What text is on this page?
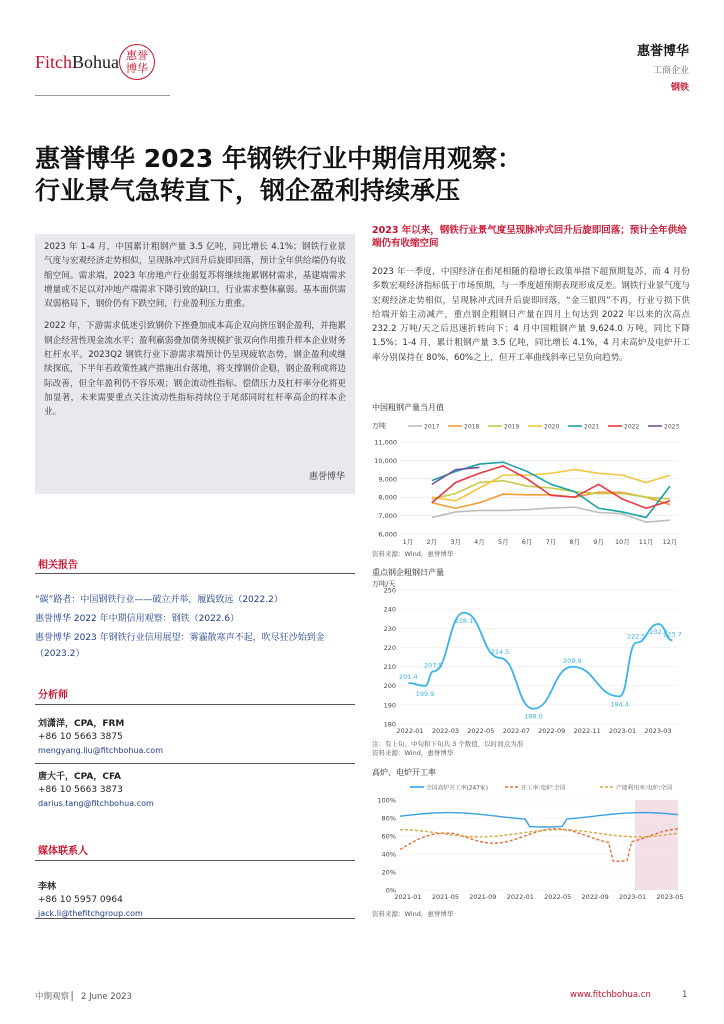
FitchBohua 惠誉
博华
惠誉博华
工商企业
钢铁
惠誉博华 2023 年钢铁行业中期信用观察：
行业景气急转直下，钢企盈利持续承压

2023 年 1-4 月，中国累计粗钢产量 3.5 亿吨，同比增长 4.1%；钢铁行业景气度与宏观经济走势相似，呈现脉冲式回升后旋即回落，预计全年供给端仍有收缩空间。需求端，2023 年房地产行业弱复苏将继续拖累钢材需求，基建端需求增量或不足以对冲地产端需求下降引致的缺口，行业需求整体羸弱。基本面供需双弱格局下，钢价仍有下跌空间，行业盈利压力重重。

2022 年，下游需求低迷引致钢价下挫叠加成本高企双向挤压钢企盈利，并拖累钢企经营性现金流水平；盈利羸弱叠加债务规模扩张双向作用推升样本企业财务杠杆水平。2023Q2 钢铁行业下游需求端预计仍呈现疲软态势，钢企盈利或继续探底，下半年若政策性减产措施出台落地，将支撑钢价企稳，钢企盈利或将边际改善，但全年盈利仍不容乐观；钢企流动性指标、偿债压力及杠杆率分化将更加显著，未来需要重点关注流动性指标持续位于尾部同时杠杆率高企的样本企业。

惠誉博华
相关报告
“碳”路者：中国钢铁行业——破立并举，履践致远（2022.2）
惠誉博华 2022 年中期信用观察：钢铁（2022.6）
惠誉博华 2023 年钢铁行业信用展望：雾霾散寒声不起，吹尽狂沙始到金（2023.2）
分析师
刘潇洋，CPA，FRM
+86 10 5663 3875
mengyang.liu@fitchbohua.com
唐大千，CPA，CFA
+86 10 5663 3873
darius.tang@fitchbohua.com
媒体联系人
李林
+86 10 5957 0964
jack.li@thefitchgroup.com
2023 年以来，钢铁行业景气度呈现脉冲式回升后旋即回落；预计全年供给端仍有收缩空间
2023 年一季度，中国经济在衔尾相随的稳增长政策举措下超预期复苏，而 4 月份多数宏观经济指标低于市场预期，与一季度超预期表现形成反差。钢铁行业景气度与宏观经济走势相似，呈现脉冲式回升后旋即回落，“金三银四”不再，行业亏损下供给端开始主动减产，重点钢企粗钢日产量在四月上旬达到 2022 年以来的次高点 232.2 万吨/天之后迅速折转向下；4 月中国粗钢产量 9,624.0 万吨，同比下降 1.5%；1-4 月，累计粗钢产量 3.5 亿吨，同比增长 4.1%，4 月末高炉及电炉开工率分别保持在 80%、60%之上，但开工率曲线斜率已呈负向趋势。
中国粗钢产量当月值
万吨	2017	2018	2019	2020	2021	2022	2023
6,000
7,000
8,000
9,000
10,000
11,000
1月 2月 3月 4月 5月 6月 7月 8月 9月 10月 11月 12月
资料来源：Wind，惠誉博华
重点钢企粗钢日产量
万吨/天
180
190
200
210
220
230
240
250
201.4
199.9
207.5
238.1
214.5
188.0
209.9
194.4
222.5
232.2
223.7
2022-01 2022-03 2022-05 2022-07 2022-09 2022-11 2023-01 2023-03
注：有上旬、中旬和下旬共 3 个数值，以时间点为准
资料来源：Wind，惠誉博华
高炉、电炉开工率
全国高炉开工率(247家)	开工率:电炉:全国	产能利用率:电炉:全国
0%
20%
40%
60%
80%
100%
2021-01 2021-05 2021-09 2022-01 2022-05 2022-09 2023-01 2023-05
资料来源：Wind，惠誉博华
中期观察 ▏ 2 June 2023	www.fitchbohua.cn	1
